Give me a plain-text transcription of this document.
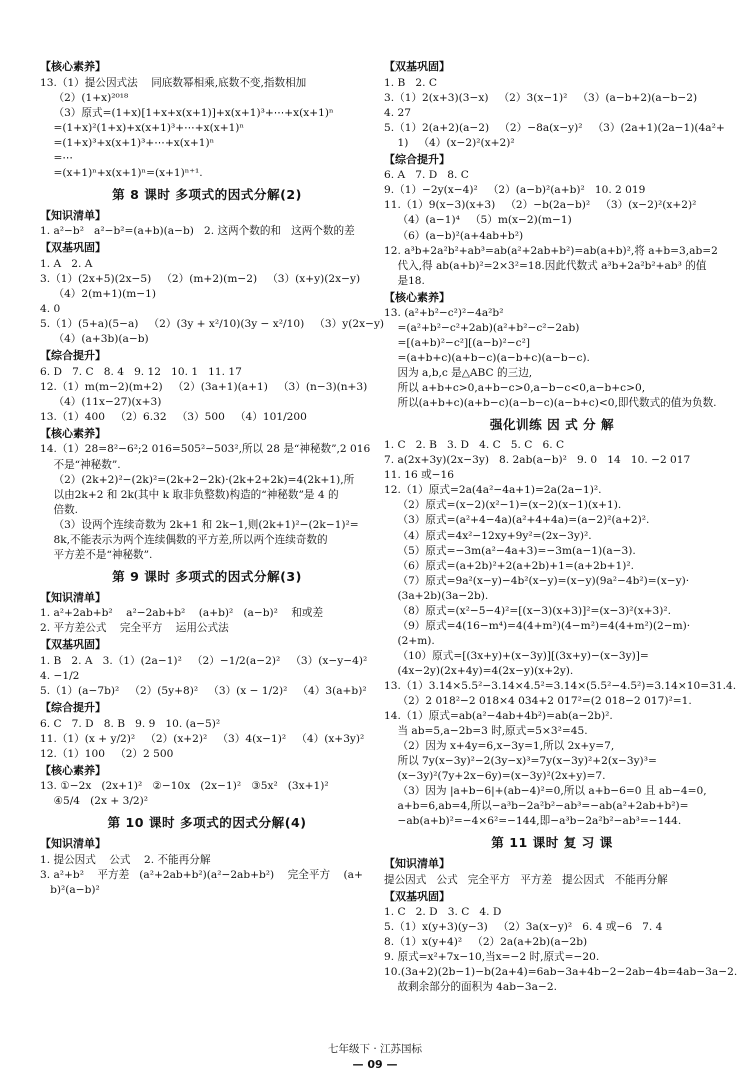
【核心素养】
13.（1）提公因式法    同底数幂相乘,底数不变,指数相加
（2）(1+x)²⁰¹⁸
（3）原式=(1+x)[1+x+x(x+1)]+x(x+1)³+⋯+x(x+1)ⁿ
=(1+x)²(1+x)+x(x+1)³+⋯+x(x+1)ⁿ
=(1+x)³+x(x+1)³+⋯+x(x+1)ⁿ
=⋯
=(x+1)ⁿ+x(x+1)ⁿ=(x+1)ⁿ⁺¹.
第 8 课时 多项式的因式分解(2)
【知识清单】
1. a²−b²   a²−b²=(a+b)(a−b)   2. 这两个数的和   这两个数的差
【双基巩固】
1. A   2. A
3.（1）(2x+5)(2x−5)   （2）(m+2)(m−2)   （3）(x+y)(2x−y)
（4）2(m+1)(m−1)
4. 0
5.（1）(5+a)(5−a)   （2）(3y + x²/10)(3y − x²/10)   （3）y(2x−y)
（4）(a+3b)(a−b)
【综合提升】
6. D   7. C   8. 4   9. 12   10. 1   11. 17
12.（1）m(m−2)(m+2)   （2）(3a+1)(a+1)   （3）(n−3)(n+3)
（4）(11x−27)(x+3)
13.（1）400   （2）6.32   （3）500   （4）101/200
【核心素养】
14.（1）28=8²−6²;2 016=505²−503²,所以 28 是“神秘数”,2 016
不是“神秘数”.
（2）(2k+2)²−(2k)²=(2k+2−2k)·(2k+2+2k)=4(2k+1),所
以由2k+2 和 2k(其中 k 取非负整数)构造的“神秘数”是 4 的
倍数.
（3）设两个连续奇数为 2k+1 和 2k−1,则(2k+1)²−(2k−1)²=
8k,不能表示为两个连续偶数的平方差,所以两个连续奇数的
平方差不是“神秘数”.
第 9 课时 多项式的因式分解(3)
【知识清单】
1. a²+2ab+b²    a²−2ab+b²    (a+b)²   (a−b)²    和或差
2. 平方差公式    完全平方    运用公式法
【双基巩固】
1. B   2. A   3.（1）(2a−1)²   （2）−1/2(a−2)²   （3）(x−y−4)²
4. −1/2
5.（1）(a−7b)²   （2）(5y+8)²   （3）(x − 1/2)²   （4）3(a+b)²
【综合提升】
6. C   7. D   8. B   9. 9   10. (a−5)²
11.（1）(x + y/2)²   （2）(x+2)²   （3）4(x−1)²   （4）(x+3y)²
12.（1）100   （2）2 500
【核心素养】
13. ①−2x   (2x+1)²   ②−10x   (2x−1)²   ③5x²   (3x+1)²
④5/4   (2x + 3/2)²
第 10 课时 多项式的因式分解(4)
【知识清单】
1. 提公因式    公式    2. 不能再分解
3. a²+b²    平方差   (a²+2ab+b²)(a²−2ab+b²)    完全平方    (a+
b)²(a−b)²
【双基巩固】
1. B   2. C
3.（1）2(x+3)(3−x)   （2）3(x−1)²   （3）(a−b+2)(a−b−2)
4. 27
5.（1）2(a+2)(a−2)   （2）−8a(x−y)²   （3）(2a+1)(2a−1)(4a²+
1)   （4）(x−2)²(x+2)²
【综合提升】
6. A   7. D   8. C
9.（1）−2y(x−4)²   （2）(a−b)²(a+b)²   10. 2 019
11.（1）9(x−3)(x+3)   （2）−b(2a−b)²   （3）(x−2)²(x+2)²
（4）(a−1)⁴   （5）m(x−2)(m−1)
（6）(a−b)²(a+4ab+b²)
12. a³b+2a²b²+ab³=ab(a²+2ab+b²)=ab(a+b)²,将 a+b=3,ab=2
代入,得 ab(a+b)²=2×3²=18.因此代数式 a³b+2a²b²+ab³ 的值
是18.
【核心素养】
13. (a²+b²−c²)²−4a²b²
=(a²+b²−c²+2ab)(a²+b²−c²−2ab)
=[(a+b)²−c²][(a−b)²−c²]
=(a+b+c)(a+b−c)(a−b+c)(a−b−c).
因为 a,b,c 是△ABC 的三边,
所以 a+b+c>0,a+b−c>0,a−b−c<0,a−b+c>0,
所以(a+b+c)(a+b−c)(a−b−c)(a−b+c)<0,即代数式的值为负数.
强化训练 因 式 分 解
1. C   2. B   3. D   4. C   5. C   6. C
7. a(2x+3y)(2x−3y)   8. 2ab(a−b)²   9. 0   14   10. −2 017
11. 16 或−16
12.（1）原式=2a(4a²−4a+1)=2a(2a−1)².
（2）原式=(x−2)(x²−1)=(x−2)(x−1)(x+1).
（3）原式=(a²+4−4a)(a²+4+4a)=(a−2)²(a+2)².
（4）原式=4x²−12xy+9y²=(2x−3y)².
（5）原式=−3m(a²−4a+3)=−3m(a−1)(a−3).
（6）原式=(a+2b)²+2(a+2b)+1=(a+2b+1)².
（7）原式=9a²(x−y)−4b²(x−y)=(x−y)(9a²−4b²)=(x−y)·
(3a+2b)(3a−2b).
（8）原式=(x²−5−4)²=[(x−3)(x+3)]²=(x−3)²(x+3)².
（9）原式=4(16−m⁴)=4(4+m²)(4−m²)=4(4+m²)(2−m)·
(2+m).
（10）原式=[(3x+y)+(x−3y)][(3x+y)−(x−3y)]=
(4x−2y)(2x+4y)=4(2x−y)(x+2y).
13.（1）3.14×5.5²−3.14×4.5²=3.14×(5.5²−4.5²)=3.14×10=31.4.
（2）2 018²−2 018×4 034+2 017²=(2 018−2 017)²=1.
14.（1）原式=ab(a²−4ab+4b²)=ab(a−2b)².
当 ab=5,a−2b=3 时,原式=5×3²=45.
（2）因为 x+4y=6,x−3y=1,所以 2x+y=7,
所以 7y(x−3y)²−2(3y−x)³=7y(x−3y)²+2(x−3y)³=
(x−3y)²(7y+2x−6y)=(x−3y)²(2x+y)=7.
（3）因为 |a+b−6|+(ab−4)²=0,所以 a+b−6=0 且 ab−4=0,
a+b=6,ab=4,所以−a³b−2a²b²−ab³=−ab(a²+2ab+b²)=
−ab(a+b)²=−4×6²=−144,即−a³b−2a²b²−ab³=−144.
第 11 课时 复 习 课
【知识清单】
提公因式   公式   完全平方   平方差   提公因式   不能再分解
【双基巩固】
1. C   2. D   3. C   4. D
5.（1）x(y+3)(y−3)   （2）3a(x−y)²   6. 4 或−6   7. 4
8.（1）x(y+4)²   （2）2a(a+2b)(a−2b)
9. 原式=x²+7x−10,当x=−2 时,原式=−20.
10.(3a+2)(2b−1)−b(2a+4)=6ab−3a+4b−2−2ab−4b=4ab−3a−2.
故剩余部分的面积为 4ab−3a−2.
七年级下 · 江苏国标
— 09 —
